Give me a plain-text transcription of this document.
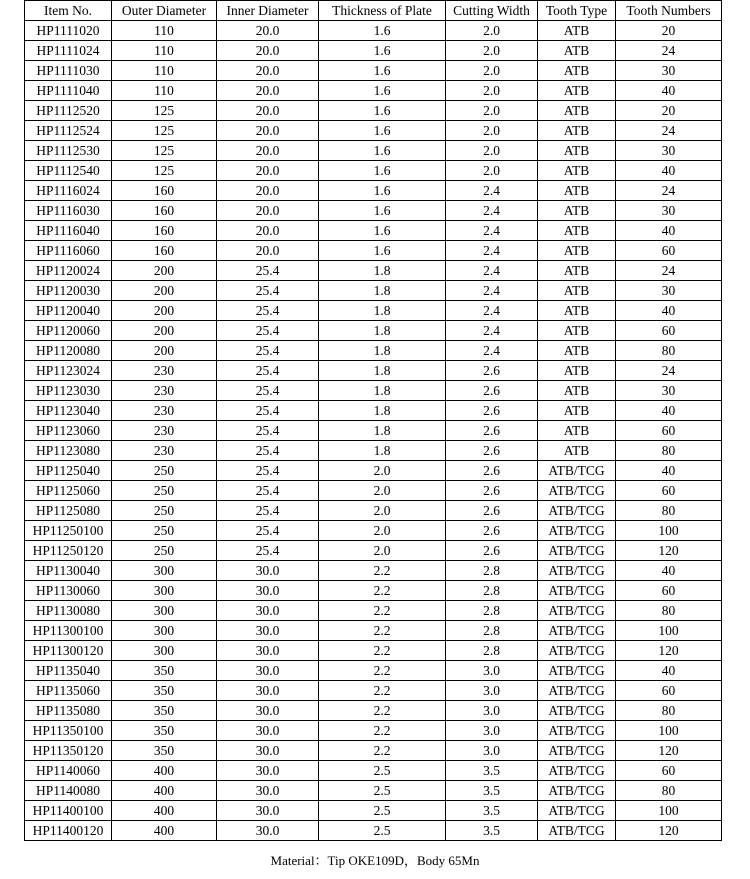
Item No.	Outer Diameter	Inner Diameter	Thickness of Plate	Cutting Width	Tooth Type	Tooth Numbers
HP1111020	110	20.0	1.6	2.0	ATB	20
HP1111024	110	20.0	1.6	2.0	ATB	24
HP1111030	110	20.0	1.6	2.0	ATB	30
HP1111040	110	20.0	1.6	2.0	ATB	40
HP1112520	125	20.0	1.6	2.0	ATB	20
HP1112524	125	20.0	1.6	2.0	ATB	24
HP1112530	125	20.0	1.6	2.0	ATB	30
HP1112540	125	20.0	1.6	2.0	ATB	40
HP1116024	160	20.0	1.6	2.4	ATB	24
HP1116030	160	20.0	1.6	2.4	ATB	30
HP1116040	160	20.0	1.6	2.4	ATB	40
HP1116060	160	20.0	1.6	2.4	ATB	60
HP1120024	200	25.4	1.8	2.4	ATB	24
HP1120030	200	25.4	1.8	2.4	ATB	30
HP1120040	200	25.4	1.8	2.4	ATB	40
HP1120060	200	25.4	1.8	2.4	ATB	60
HP1120080	200	25.4	1.8	2.4	ATB	80
HP1123024	230	25.4	1.8	2.6	ATB	24
HP1123030	230	25.4	1.8	2.6	ATB	30
HP1123040	230	25.4	1.8	2.6	ATB	40
HP1123060	230	25.4	1.8	2.6	ATB	60
HP1123080	230	25.4	1.8	2.6	ATB	80
HP1125040	250	25.4	2.0	2.6	ATB/TCG	40
HP1125060	250	25.4	2.0	2.6	ATB/TCG	60
HP1125080	250	25.4	2.0	2.6	ATB/TCG	80
HP11250100	250	25.4	2.0	2.6	ATB/TCG	100
HP11250120	250	25.4	2.0	2.6	ATB/TCG	120
HP1130040	300	30.0	2.2	2.8	ATB/TCG	40
HP1130060	300	30.0	2.2	2.8	ATB/TCG	60
HP1130080	300	30.0	2.2	2.8	ATB/TCG	80
HP11300100	300	30.0	2.2	2.8	ATB/TCG	100
HP11300120	300	30.0	2.2	2.8	ATB/TCG	120
HP1135040	350	30.0	2.2	3.0	ATB/TCG	40
HP1135060	350	30.0	2.2	3.0	ATB/TCG	60
HP1135080	350	30.0	2.2	3.0	ATB/TCG	80
HP11350100	350	30.0	2.2	3.0	ATB/TCG	100
HP11350120	350	30.0	2.2	3.0	ATB/TCG	120
HP1140060	400	30.0	2.5	3.5	ATB/TCG	60
HP1140080	400	30.0	2.5	3.5	ATB/TCG	80
HP11400100	400	30.0	2.5	3.5	ATB/TCG	100
HP11400120	400	30.0	2.5	3.5	ATB/TCG	120
Material：Tip OKE109D，Body 65Mn
